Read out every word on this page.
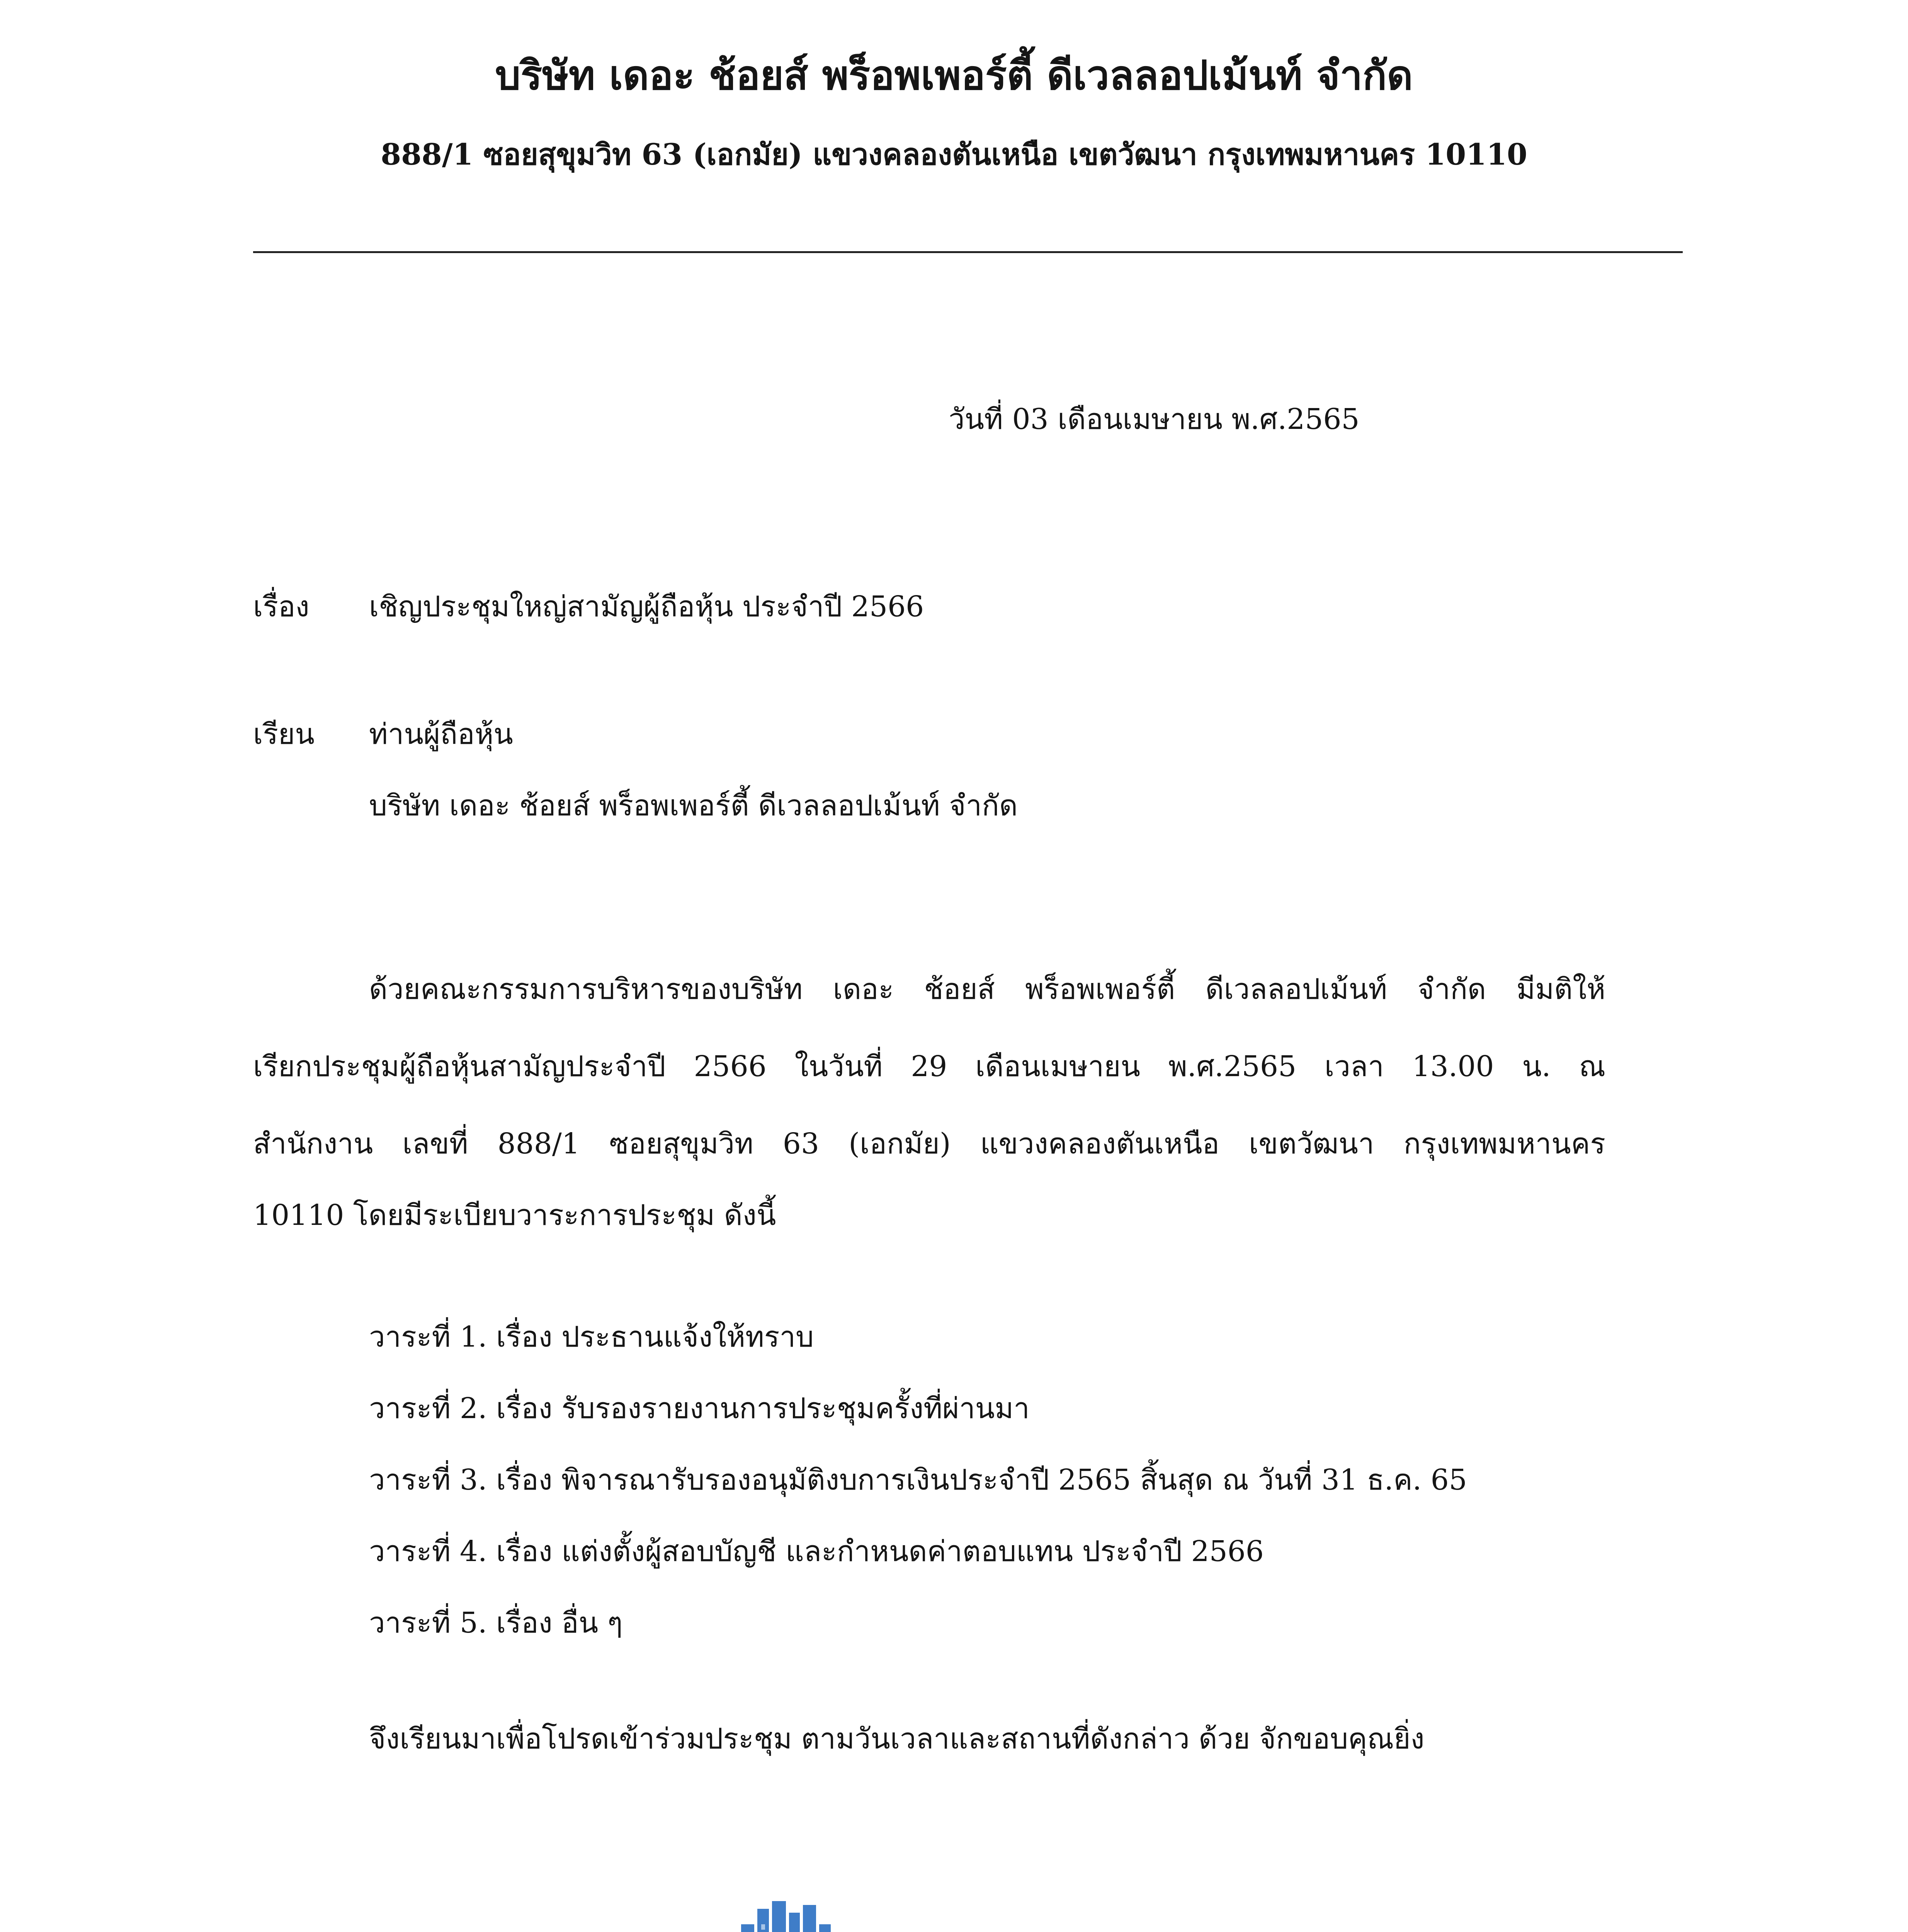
บริษัท เดอะ ช้อยส์ พร็อพเพอร์ตี้ ดีเวลลอปเม้นท์ จำกัด
888/1 ซอยสุขุมวิท 63 (เอกมัย) แขวงคลองตันเหนือ เขตวัฒนา กรุงเทพมหานคร 10110
วันที่ 03 เดือนเมษายน พ.ศ.2565
เรื่อง เชิญประชุมใหญ่สามัญผู้ถือหุ้น ประจำปี 2566
เรียน ท่านผู้ถือหุ้น
บริษัท เดอะ ช้อยส์ พร็อพเพอร์ตี้ ดีเวลลอปเม้นท์ จำกัด
ด้วยคณะกรรมการบริหารของบริษัท เดอะ ช้อยส์ พร็อพเพอร์ตี้ ดีเวลลอปเม้นท์ จำกัด มีมติให้
เรียกประชุมผู้ถือหุ้นสามัญประจำปี 2566 ในวันที่ 29 เดือนเมษายน พ.ศ.2565 เวลา 13.00 น. ณ
สำนักงาน เลขที่ 888/1 ซอยสุขุมวิท 63 (เอกมัย) แขวงคลองตันเหนือ เขตวัฒนา กรุงเทพมหานคร
10110 โดยมีระเบียบวาระการประชุม ดังนี้
วาระที่ 1. เรื่อง ประธานแจ้งให้ทราบ
วาระที่ 2. เรื่อง รับรองรายงานการประชุมครั้งที่ผ่านมา
วาระที่ 3. เรื่อง พิจารณารับรองอนุมัติงบการเงินประจำปี 2565 สิ้นสุด ณ วันที่ 31 ธ.ค. 65
วาระที่ 4. เรื่อง แต่งตั้งผู้สอบบัญชี และกำหนดค่าตอบแทน ประจำปี 2566
วาระที่ 5. เรื่อง อื่น ๆ
จึงเรียนมาเพื่อโปรดเข้าร่วมประชุม ตามวันเวลาและสถานที่ดังกล่าว ด้วย จักขอบคุณยิ่ง
